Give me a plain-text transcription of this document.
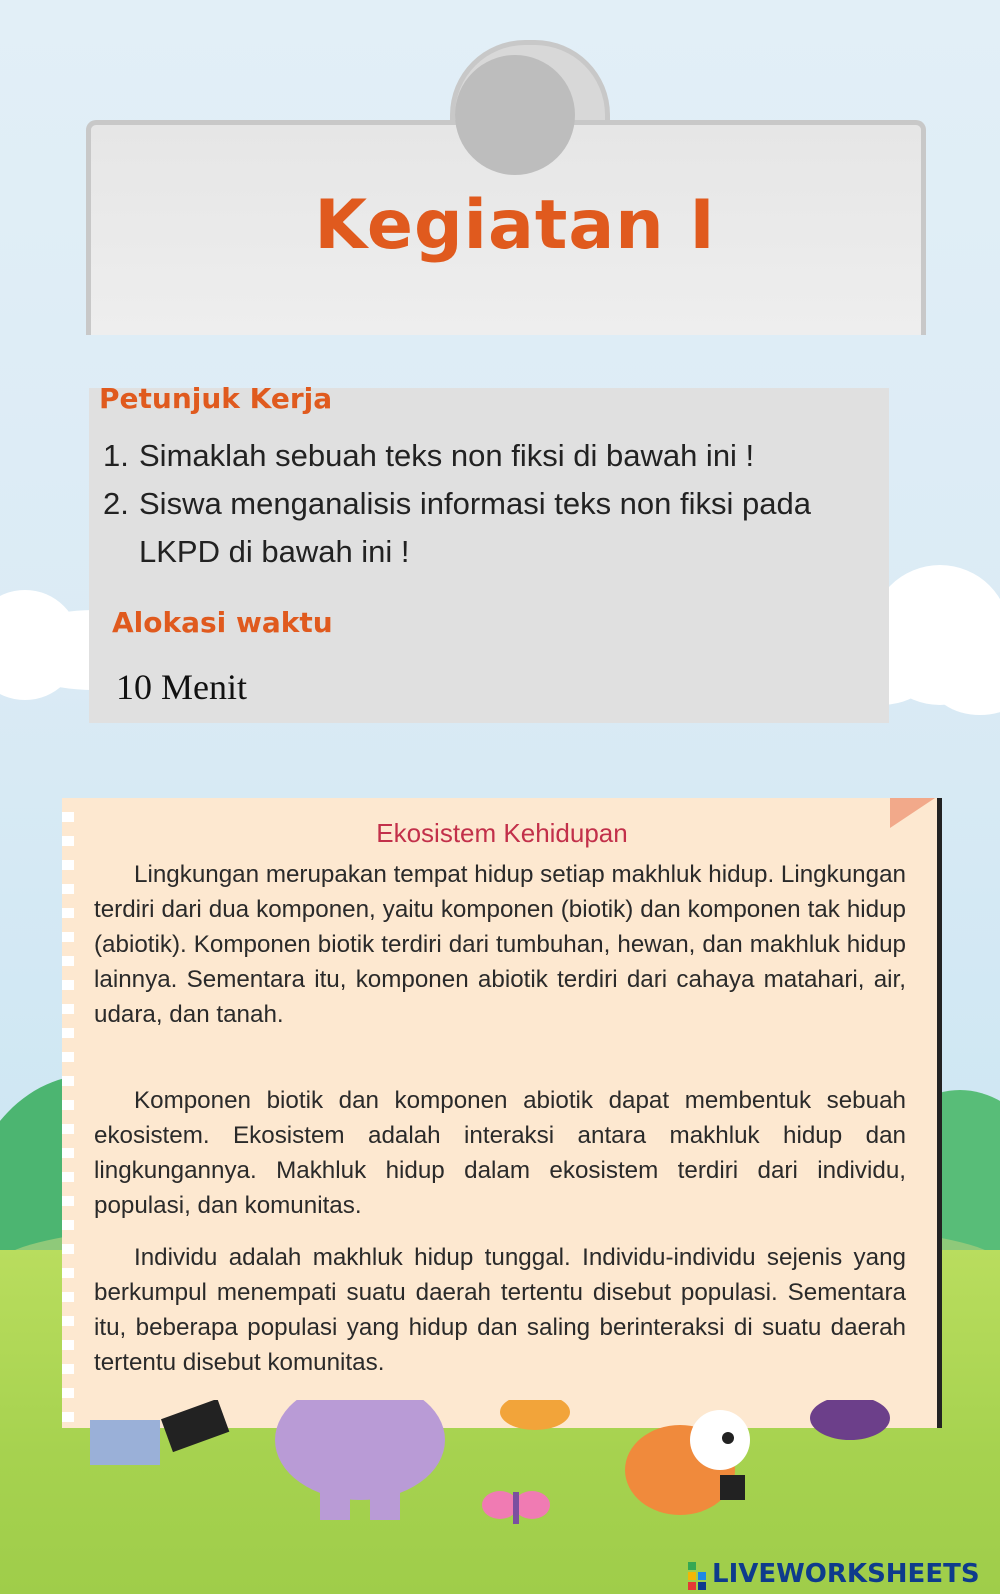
Kegiatan I
Petunjuk Kerja
1. Simaklah sebuah teks non fiksi di bawah ini !
2. Siswa menganalisis informasi teks non fiksi pada LKPD di bawah ini !
Alokasi waktu
10 Menit
Ekosistem Kehidupan

Lingkungan merupakan tempat hidup setiap makhluk hidup. Lingkungan terdiri dari dua komponen, yaitu komponen (biotik) dan komponen tak hidup (abiotik). Komponen biotik terdiri dari tumbuhan, hewan, dan makhluk hidup lainnya. Sementara itu, komponen abiotik terdiri dari cahaya matahari, air, udara, dan tanah.

Komponen biotik dan komponen abiotik dapat membentuk sebuah ekosistem. Ekosistem adalah interaksi antara makhluk hidup dan lingkungannya. Makhluk hidup dalam ekosistem terdiri dari individu, populasi, dan komunitas.

Individu adalah makhluk hidup tunggal. Individu-individu sejenis yang berkumpul menempati suatu daerah tertentu disebut populasi. Sementara itu, beberapa populasi yang hidup dan saling berinteraksi di suatu daerah tertentu disebut komunitas.

LIVEWORKSHEETS
